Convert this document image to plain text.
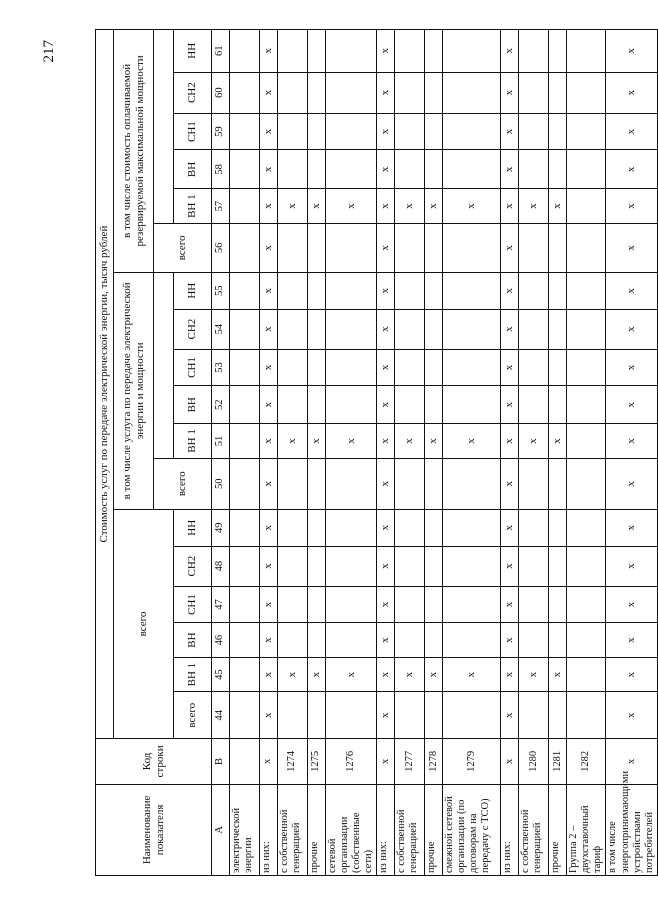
217
Наименование показателя	Код строки	Стоимость услуг по передаче электрической энергии, тысяч рублей																	
		всего						в том числе услуга по передаче электрической энергии и мощности						в том числе стоимость оплачиваемой резервируемой максимальной мощности					
								всего						всего					
		всего	ВН 1	ВН	СН1	СН2	НН		ВН 1	ВН	СН1	СН2	НН		ВН 1	ВН	СН1	СН2	НН
А	В	44	45	46	47	48	49	50	51	52	53	54	55	56	57	58	59	60	61
электрической энергии																			
из них:	х	х	х	х	х	х	х	х	х	х	х	х	х	х	х	х	х	х	х
с собственной генерацией	1274		х						х						х				
прочие	1275		х						х						х				
сетевой организации (собственные сети)	1276		х						х						х				
из них:	х	х	х	х	х	х	х	х	х	х	х	х	х	х	х	х	х	х	х
с собственной генерацией	1277		х						х						х				
прочие	1278		х						х						х				
смежной сетевой организации (по договорам на передачу с ТСО)	1279		х						х						х				
из них:	х	х	х	х	х	х	х	х	х	х	х	х	х	х	х	х	х	х	х
с собственной генерацией	1280		х						х						х				
прочие	1281		х						х						х				
Группа 2 – двухставочный тариф	1282																		
в том числе энергопринимающими устройствами потребителей	х	х	х	х	х	х	х	х	х	х	х	х	х	х	х	х	х	х	х
